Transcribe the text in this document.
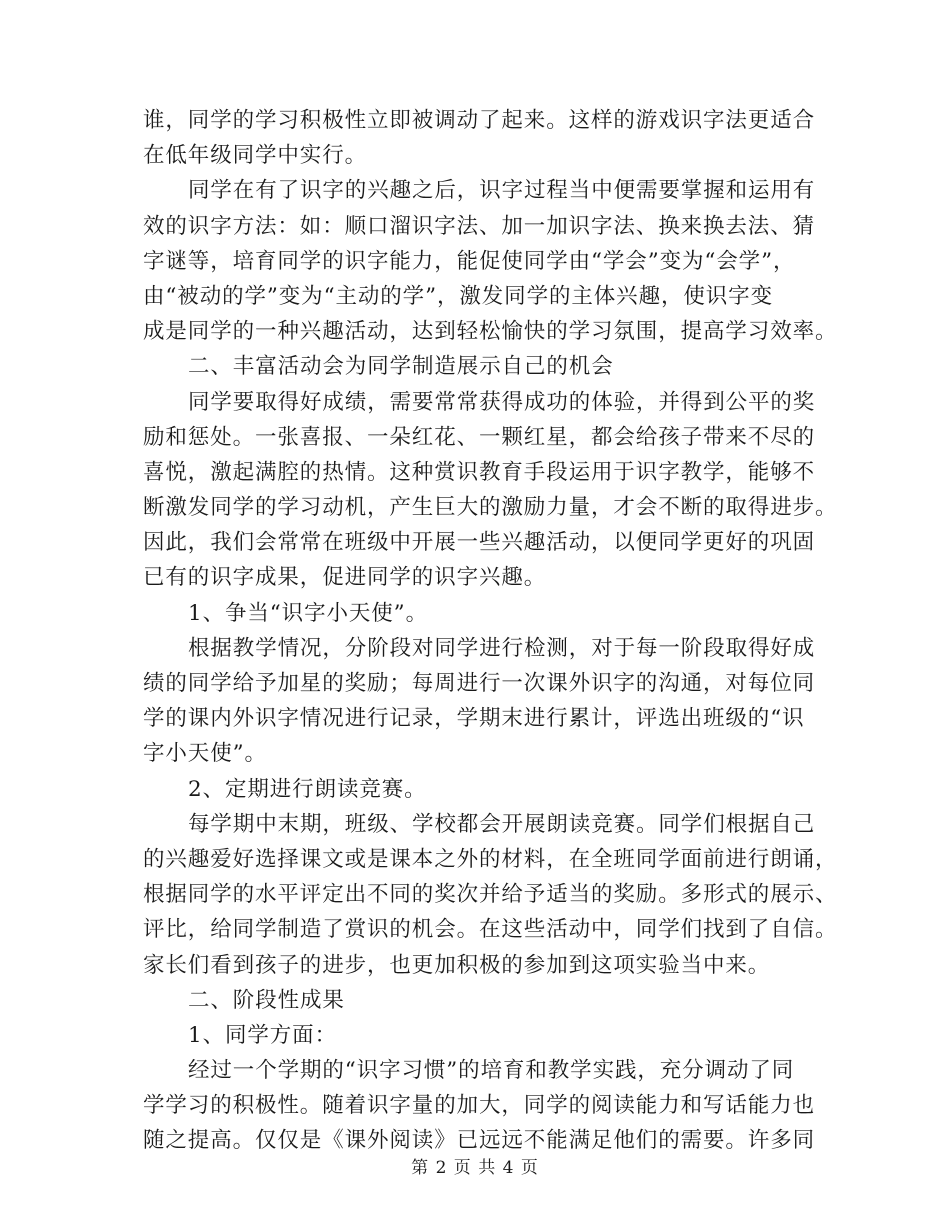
谁，同学的学习积极性立即被调动了起来。这样的游戏识字法更适合
在低年级同学中实行。
同学在有了识字的兴趣之后，识字过程当中便需要掌握和运用有
效的识字方法：如：顺口溜识字法、加一加识字法、换来换去法、猜
字谜等，培育同学的识字能力，能促使同学由“学会”变为“会学”，
由“被动的学”变为“主动的学”，激发同学的主体兴趣，使识字变
成是同学的一种兴趣活动，达到轻松愉快的学习氛围，提高学习效率。
二、丰富活动会为同学制造展示自己的机会
同学要取得好成绩，需要常常获得成功的体验，并得到公平的奖
励和惩处。一张喜报、一朵红花、一颗红星，都会给孩子带来不尽的
喜悦，激起满腔的热情。这种赏识教育手段运用于识字教学，能够不
断激发同学的学习动机，产生巨大的激励力量，才会不断的取得进步。
因此，我们会常常在班级中开展一些兴趣活动，以便同学更好的巩固
已有的识字成果，促进同学的识字兴趣。
1、争当“识字小天使”。
根据教学情况，分阶段对同学进行检测，对于每一阶段取得好成
绩的同学给予加星的奖励；每周进行一次课外识字的沟通，对每位同
学的课内外识字情况进行记录，学期末进行累计，评选出班级的“识
字小天使”。
2、定期进行朗读竞赛。
每学期中末期，班级、学校都会开展朗读竞赛。同学们根据自己
的兴趣爱好选择课文或是课本之外的材料，在全班同学面前进行朗诵，
根据同学的水平评定出不同的奖次并给予适当的奖励。多形式的展示、
评比，给同学制造了赏识的机会。在这些活动中，同学们找到了自信。
家长们看到孩子的进步，也更加积极的参加到这项实验当中来。
二、阶段性成果
1、同学方面：
经过一个学期的“识字习惯”的培育和教学实践，充分调动了同
学学习的积极性。随着识字量的加大，同学的阅读能力和写话能力也
随之提高。仅仅是《课外阅读》已远远不能满足他们的需要。许多同
第 2 页 共 4 页
